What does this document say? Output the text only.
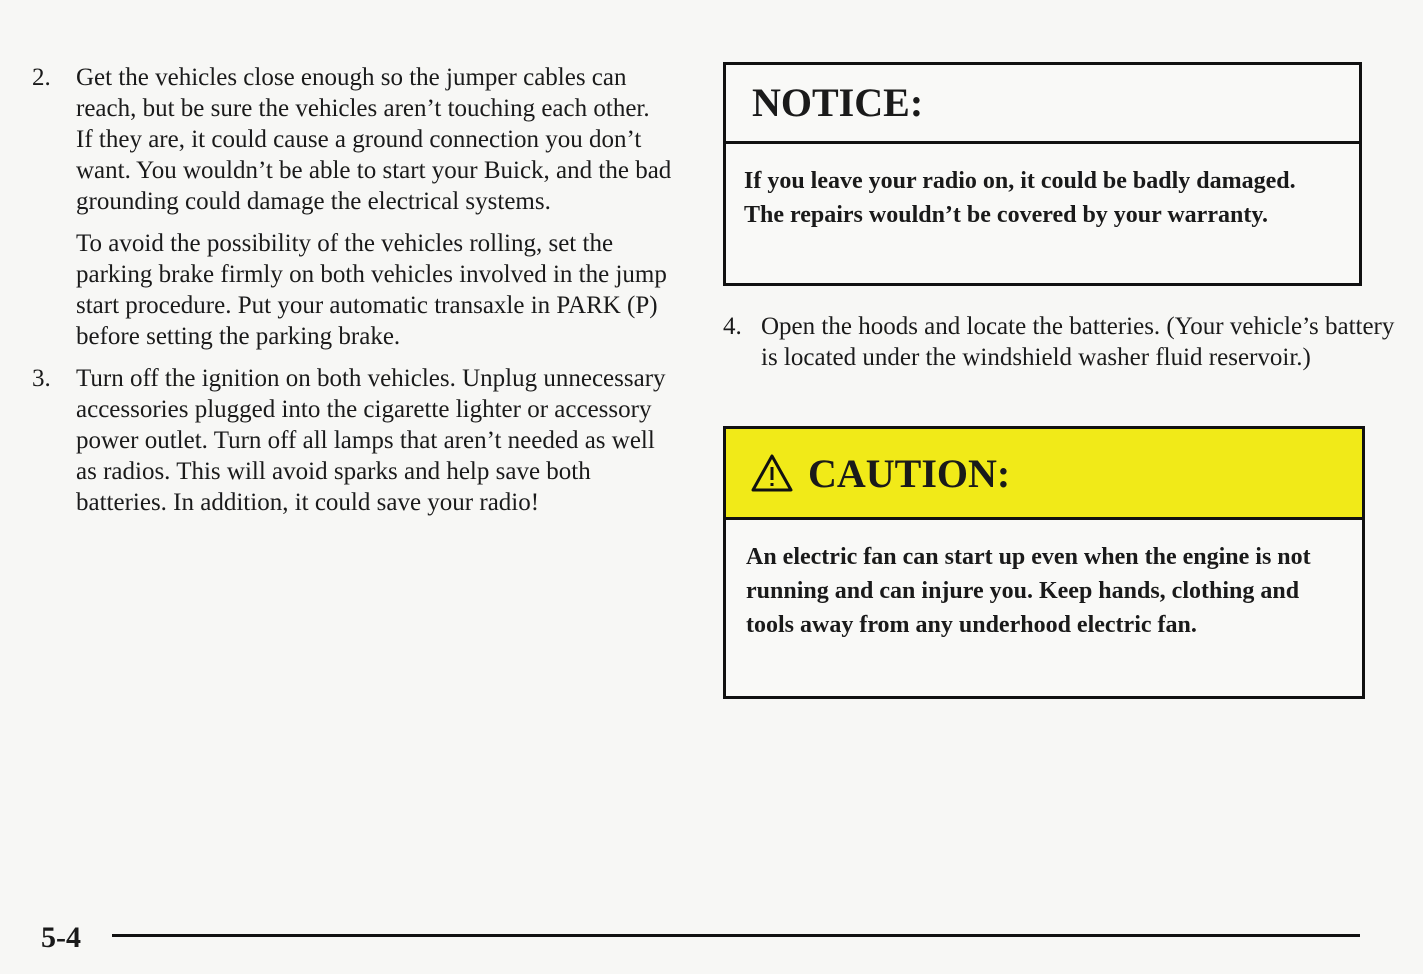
2. Get the vehicles close enough so the jumper cables can reach, but be sure the vehicles aren’t touching each other. If they are, it could cause a ground connection you don’t want. You wouldn’t be able to start your Buick, and the bad grounding could damage the electrical systems.

To avoid the possibility of the vehicles rolling, set the parking brake firmly on both vehicles involved in the jump start procedure. Put your automatic transaxle in PARK (P) before setting the parking brake.

3. Turn off the ignition on both vehicles. Unplug unnecessary accessories plugged into the cigarette lighter or accessory power outlet. Turn off all lamps that aren’t needed as well as radios. This will avoid sparks and help save both batteries. In addition, it could save your radio!

NOTICE:
If you leave your radio on, it could be badly damaged. The repairs wouldn’t be covered by your warranty.
4. Open the hoods and locate the batteries. (Your vehicle’s battery is located under the windshield washer fluid reservoir.)

CAUTION:
An electric fan can start up even when the engine is not running and can injure you. Keep hands, clothing and tools away from any underhood electric fan.
5-4
